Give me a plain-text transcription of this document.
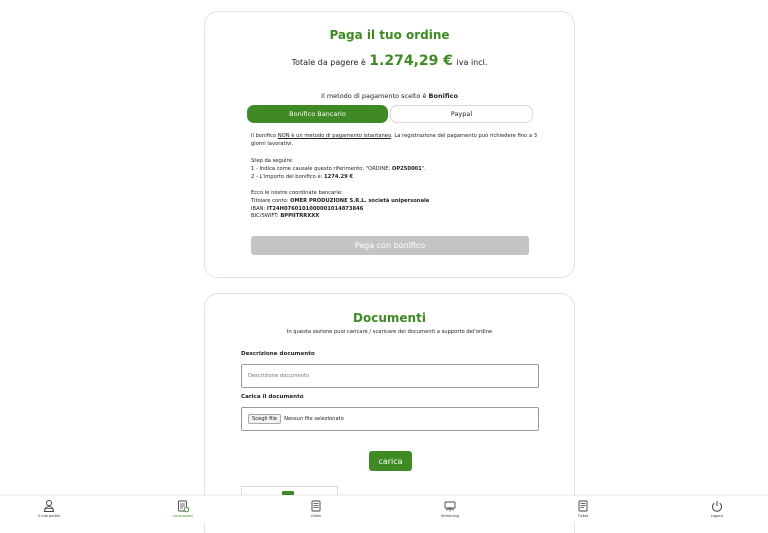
Paga il tuo ordine
Totale da pagere è 1.274,29 € iva incl.
Il metodo di pagamento scelto è Bonifico
Bonifico Bancario	Paypal
Il bonifico NON è un metodo di pagamento istantaneo. La registrazione del pagamento può richiedere fino a 3 giorni lavorativi.
Step da seguire:
1 - Indica come causale questo riferimento: "ORDINE: OP250001".
2 - L'importo del bonifico è: 1274.29 €
Ecco le nostre coordinate bancarie:
Titolare conto: OMER PRODUZIONE S.R.L. società unipersonale
IBAN: IT24H0760101000001014873846
BIC/SWIFT: BPPIITRRXXX
Paga con bonifico
Documenti
In questa sezione puoi caricare / scaricare dei documenti a supporto del'ordine
Descrizione documento
Descrizione documento
Carica il documento
Scegli file	Nessun file selezionato
carica
Il mio profilo	Lavorazioni	Ordini	Streaming	Ticket	Logout
